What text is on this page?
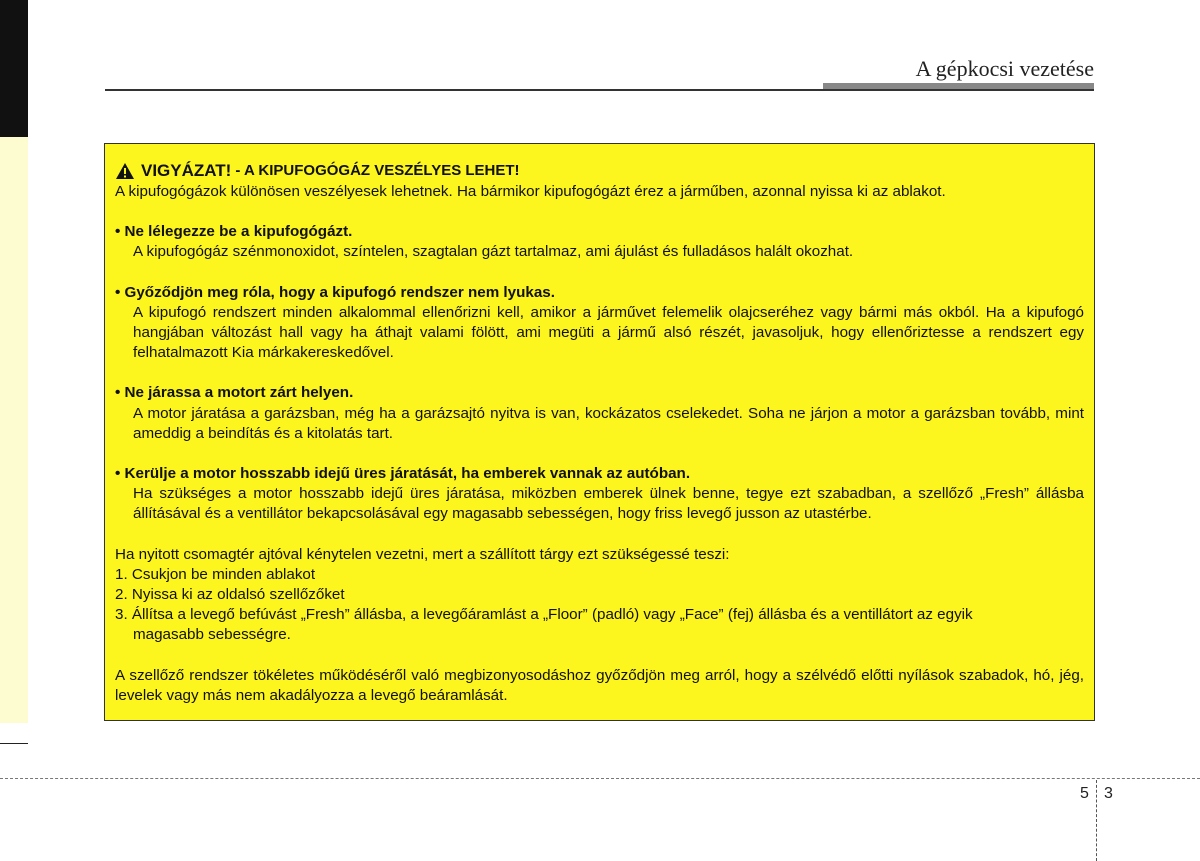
A gépkocsi vezetése
VIGYÁZAT! - A KIPUFOGÓGÁZ VESZÉLYES LEHET!

A kipufogógázok különösen veszélyesek lehetnek. Ha bármikor kipufogógázt érez a járműben, azonnal nyissa ki az ablakot.

• Ne lélegezze be a kipufogógázt.

A kipufogógáz szénmonoxidot, színtelen, szagtalan gázt tartalmaz, ami ájulást és fulladásos halált okozhat.

• Győződjön meg róla, hogy a kipufogó rendszer nem lyukas.

A kipufogó rendszert minden alkalommal ellenőrizni kell, amikor a járművet felemelik olajcseréhez vagy bármi más okból. Ha a kipufogó hangjában változást hall vagy ha áthajt valami fölött, ami megüti a jármű alsó részét, javasoljuk, hogy ellenőriztesse a rendszert egy felhatalmazott Kia márkakereskedővel.

• Ne járassa a motort zárt helyen.

A motor járatása a garázsban, még ha a garázsajtó nyitva is van, kockázatos cselekedet. Soha ne járjon a motor a garázsban tovább, mint ameddig a beindítás és a kitolatás tart.

• Kerülje a motor hosszabb idejű üres járatását, ha emberek vannak az autóban.

Ha szükséges a motor hosszabb idejű üres járatása, miközben emberek ülnek benne, tegye ezt szabadban, a szellőző „Fresh” állásba állításával és a ventillátor bekapcsolásával egy magasabb sebességen, hogy friss levegő jusson az utastérbe.

Ha nyitott csomagtér ajtóval kénytelen vezetni, mert a szállított tárgy ezt szükségessé teszi:

1. Csukjon be minden ablakot

2. Nyissa ki az oldalsó szellőzőket

3. Állítsa a levegő befúvást „Fresh” állásba, a levegőáramlást a „Floor” (padló) vagy „Face” (fej) állásba és a ventillátort az egyik

magasabb sebességre.

A szellőző rendszer tökéletes működéséről való megbizonyosodáshoz győződjön meg arról, hogy a szélvédő előtti nyílások szabadok, hó, jég, levelek vagy más nem akadályozza a levegő beáramlását.

5 3
